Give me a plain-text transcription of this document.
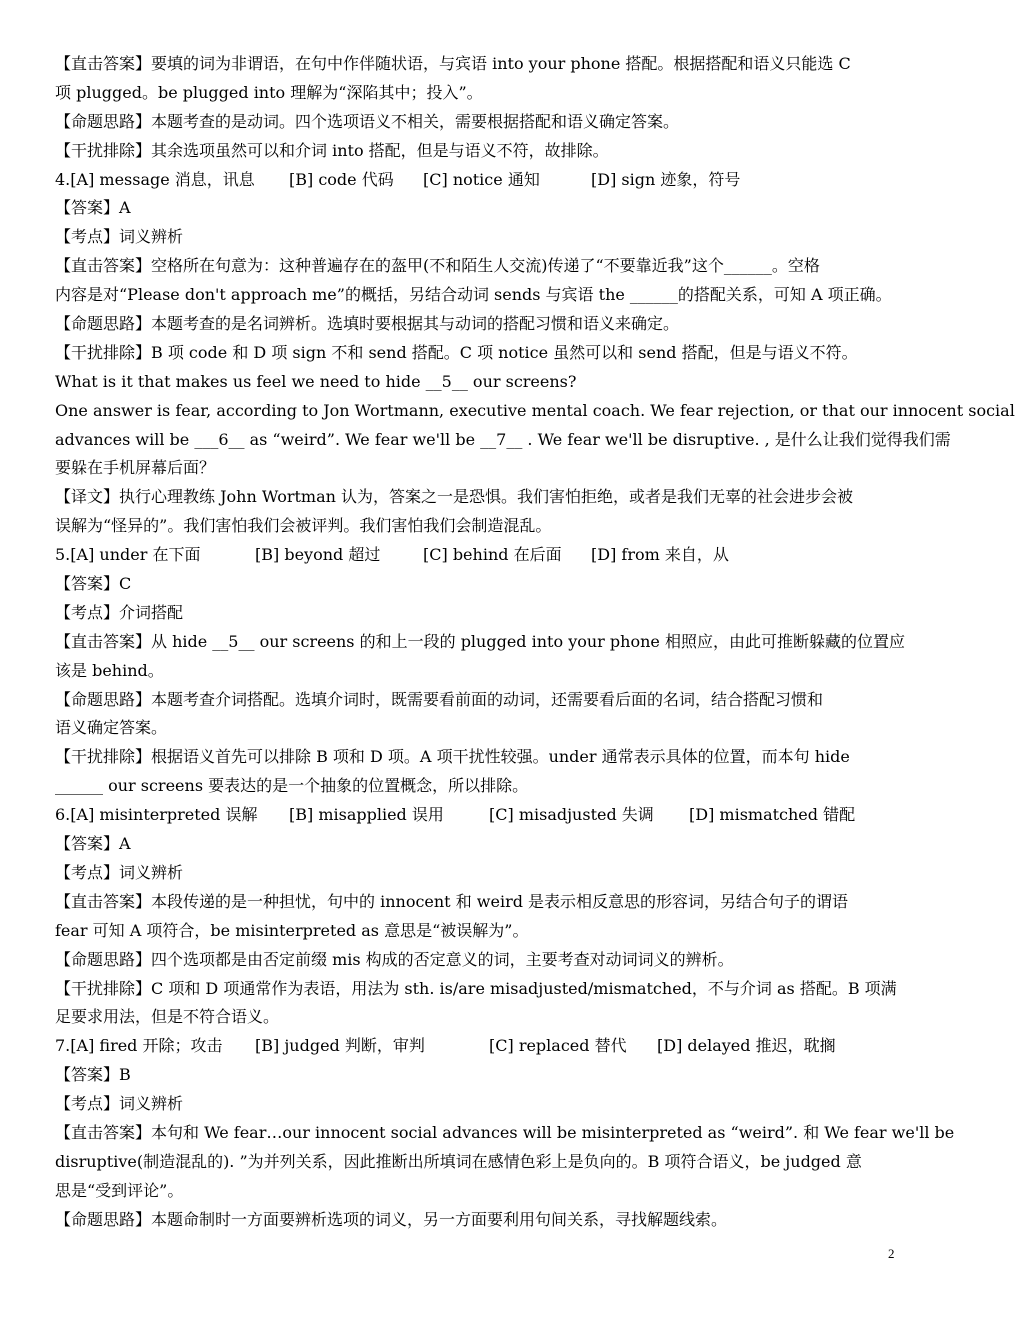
【直击答案】要填的词为非谓语，在句中作伴随状语，与宾语 into your phone 搭配。根据搭配和语义只能选 C
项 plugged。be plugged into 理解为“深陷其中；投入”。
【命题思路】本题考查的是动词。四个选项语义不相关，需要根据搭配和语义确定答案。
【干扰排除】其余选项虽然可以和介词 into 搭配，但是与语义不符，故排除。
4.[A] message 消息，讯息	[B] code 代码	[C] notice 通知	[D] sign 迹象，符号
【答案】A
【考点】词义辨析
【直击答案】空格所在句意为：这种普遍存在的盔甲(不和陌生人交流)传递了“不要靠近我”这个______。空格
内容是对“Please don't approach me”的概括，另结合动词 sends 与宾语 the ______的搭配关系，可知 A 项正确。
【命题思路】本题考查的是名词辨析。选填时要根据其与动词的搭配习惯和语义来确定。
【干扰排除】B 项 code 和 D 项 sign 不和 send 搭配。C 项 notice 虽然可以和 send 搭配，但是与语义不符。
What is it that makes us feel we need to hide __5__ our screens?
One answer is fear, according to Jon Wortmann, executive mental coach. We fear rejection, or that our innocent social
advances will be ___6__ as “weird”. We fear we'll be __7__ . We fear we'll be disruptive. , 是什么让我们觉得我们需
要躲在手机屏幕后面？
【译文】执行心理教练 John Wortman 认为，答案之一是恐惧。我们害怕拒绝，或者是我们无辜的社会进步会被
误解为“怪异的”。我们害怕我们会被评判。我们害怕我们会制造混乱。
5.[A] under 在下面	[B] beyond 超过	[C] behind 在后面	[D] from 来自，从
【答案】C
【考点】介词搭配
【直击答案】从 hide __5__ our screens 的和上一段的 plugged into your phone 相照应，由此可推断躲藏的位置应
该是 behind。
【命题思路】本题考查介词搭配。选填介词时，既需要看前面的动词，还需要看后面的名词，结合搭配习惯和
语义确定答案。
【干扰排除】根据语义首先可以排除 B 项和 D 项。A 项干扰性较强。under 通常表示具体的位置，而本句 hide
______ our screens 要表达的是一个抽象的位置概念，所以排除。
6.[A] misinterpreted 误解	[B] misapplied 误用	[C] misadjusted 失调	[D] mismatched 错配
【答案】A
【考点】词义辨析
【直击答案】本段传递的是一种担忧，句中的 innocent 和 weird 是表示相反意思的形容词，另结合句子的谓语
fear 可知 A 项符合，be misinterpreted as 意思是“被误解为”。
【命题思路】四个选项都是由否定前缀 mis 构成的否定意义的词，主要考查对动词词义的辨析。
【干扰排除】C 项和 D 项通常作为表语，用法为 sth. is/are misadjusted/mismatched，不与介词 as 搭配。B 项满
足要求用法，但是不符合语义。
7.[A] fired 开除；攻击	[B] judged 判断，审判	[C] replaced 替代	[D] delayed 推迟，耽搁
【答案】B
【考点】词义辨析
【直击答案】本句和 We fear…our innocent social advances will be misinterpreted as “weird”. 和 We fear we'll be
disruptive(制造混乱的). ”为并列关系，因此推断出所填词在感情色彩上是负向的。B 项符合语义，be judged 意
思是“受到评论”。
【命题思路】本题命制时一方面要辨析选项的词义，另一方面要利用句间关系，寻找解题线索。
2
